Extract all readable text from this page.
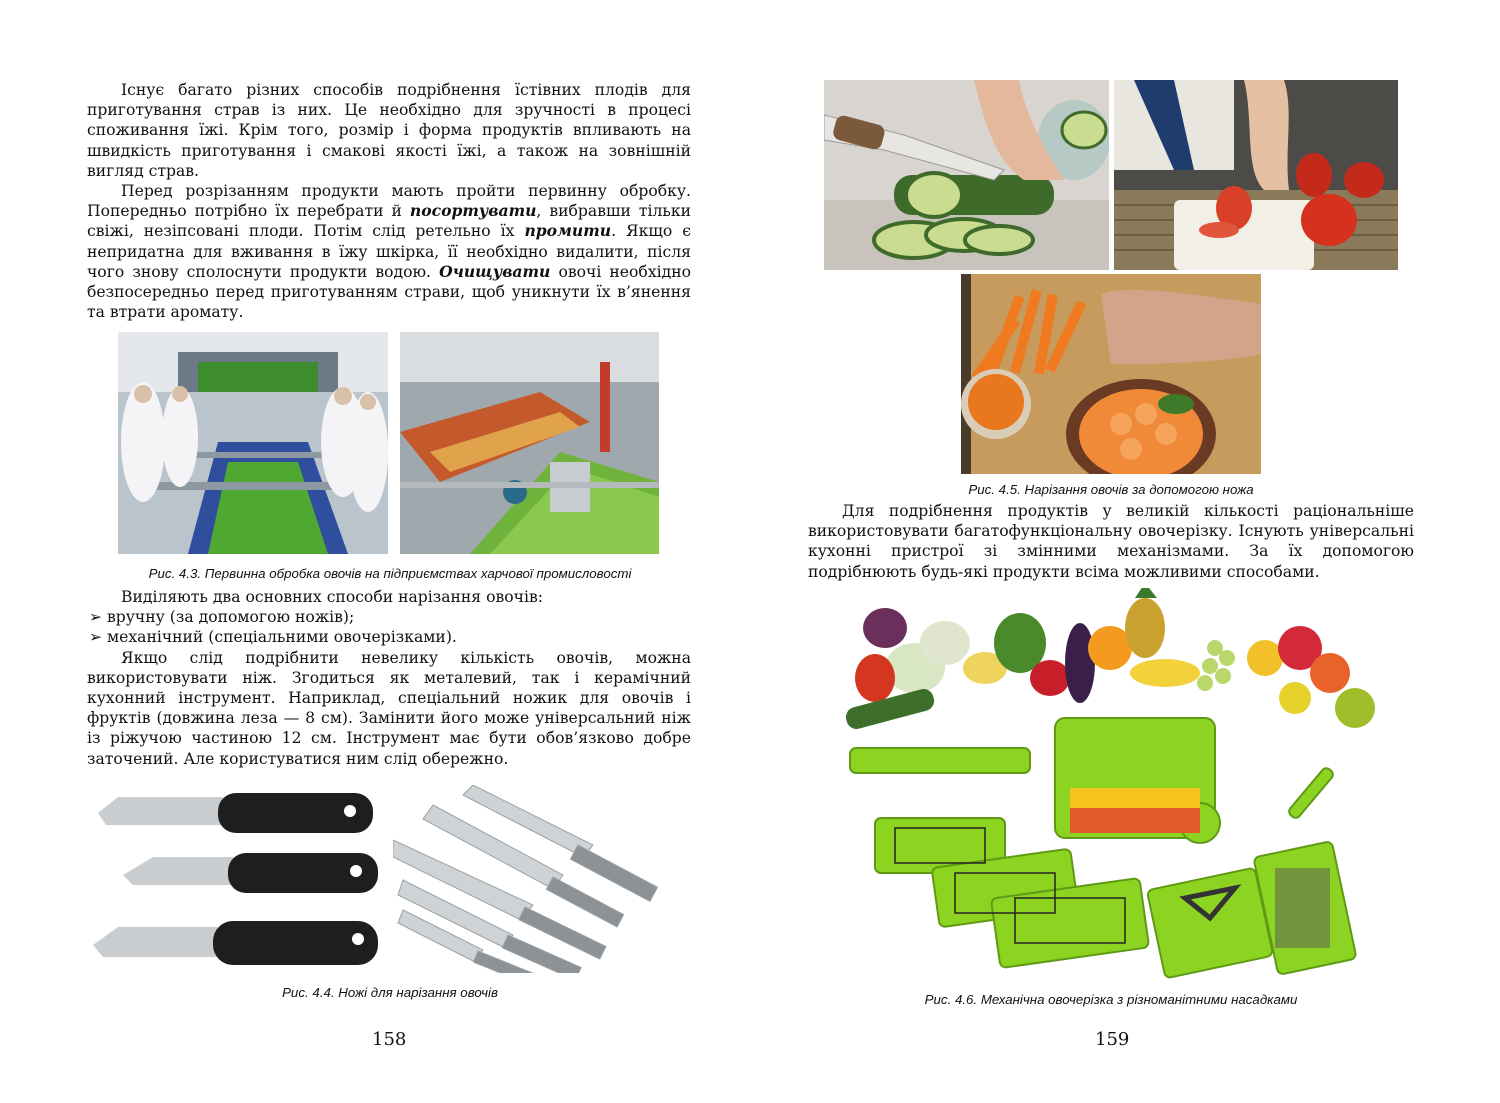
Існує багато різних способів подрібнення їстівних плодів для приготування страв із них. Це необхідно для зручності в процесі споживання їжі. Крім того, розмір і форма продуктів впливають на швидкість приготування і смакові якості їжі, а також на зовнішній вигляд страв.

Перед розрізанням продукти мають пройти первинну обробку. Попередньо потрібно їх перебрати й посортувати, вибравши тільки свіжі, незіпсовані плоди. Потім слід ретельно їх промити. Якщо є непридатна для вживання в їжу шкірка, її необхідно видалити, після чого знову сполоснути продукти водою. Очищувати овочі необхідно безпосередньо перед приготуванням страви, щоб уникнути їх в’янення та втрати аромату.

Рис. 4.3. Первинна обробка овочів на підприємствах харчової промисловості

Виділяють два основних способи нарізання овочів:

➢ вручну (за допомогою ножів);
➢ механічний (спеціальними овочерізками).

Якщо слід подрібнити невелику кількість овочів, можна використовувати ніж. Згодиться як металевий, так і керамічний кухонний інструмент. Наприклад, спеціальний ножик для овочів і фруктів (довжина леза — 8 см). Замінити його може універсальний ніж із ріжучою частиною 12 см. Інструмент має бути обов’язково добре заточений. Але користуватися ним слід обережно.

Рис. 4.4. Ножі для нарізання овочів
158
Рис. 4.5. Нарізання овочів за допомогою ножа

Для подрібнення продуктів у великій кількості раціональніше використовувати багатофункціональну овочерізку. Існують універсальні кухонні пристрої зі змінними механізмами. За їх допомогою подрібнюють будь-які продукти всіма можливими способами.

Рис. 4.6. Механічна овочерізка з різноманітними насадками
159
